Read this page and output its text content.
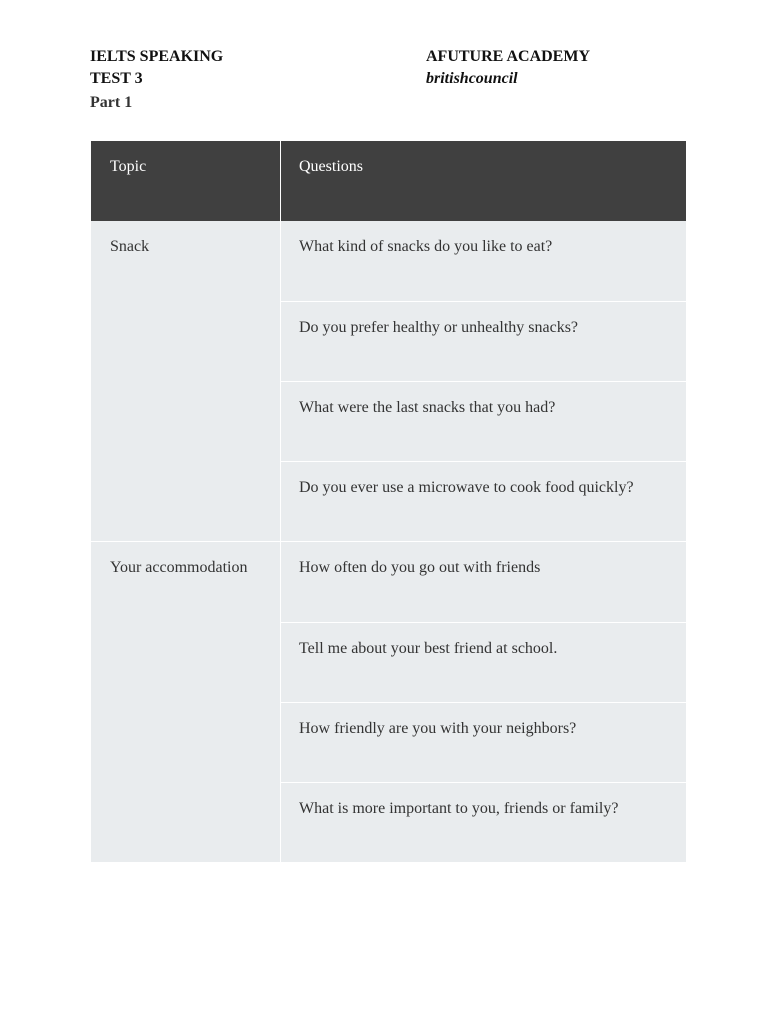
IELTS SPEAKING
TEST 3
Part 1
AFUTURE ACADEMY
britishcouncil
Topic	Questions
Snack	What kind of snacks do you like to eat?
Do you prefer healthy or unhealthy snacks?
What were the last snacks that you had?
Do you ever use a microwave to cook food quickly?
Your accommodation	How often do you go out with friends
Tell me about your best friend at school.
How friendly are you with your neighbors?
What is more important to you, friends or family?
